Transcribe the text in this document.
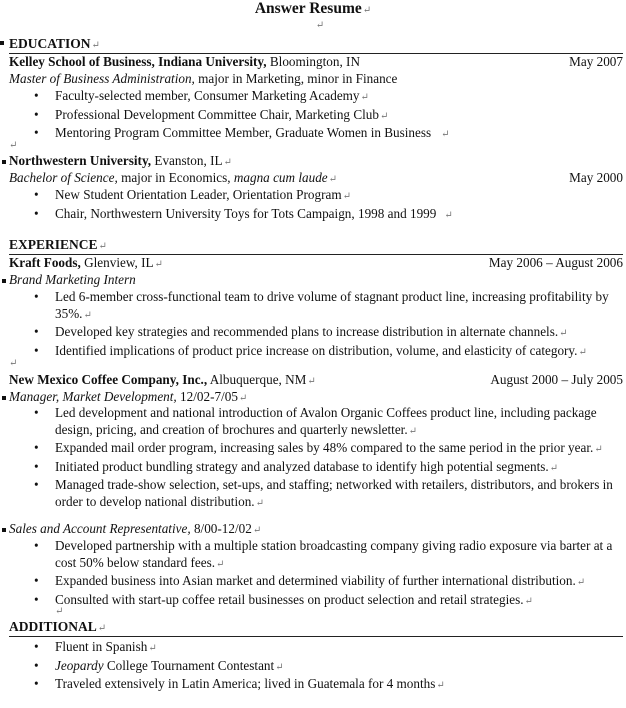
Answer Resume↵
↵
EDUCATION ↵
Kelley School of Business, Indiana University, Bloomington, IN	May 2007
Master of Business Administration, major in Marketing, minor in Finance
• Faculty-selected member, Consumer Marketing Academy↵
• Professional Development Committee Chair, Marketing Club↵
• Mentoring Program Committee Member, Graduate Women in Business ↵
↵
Northwestern University, Evanston, IL↵
Bachelor of Science, major in Economics, magna cum laude↵	May 2000
• New Student Orientation Leader, Orientation Program↵
• Chair, Northwestern University Toys for Tots Campaign, 1998 and 1999 ↵
EXPERIENCE ↵
Kraft Foods, Glenview, IL↵	May 2006 – August 2006
Brand Marketing Intern
• Led 6-member cross-functional team to drive volume of stagnant product line, increasing profitability by 35%.↵
• Developed key strategies and recommended plans to increase distribution in alternate channels.↵
• Identified implications of product price increase on distribution, volume, and elasticity of category.↵
↵
New Mexico Coffee Company, Inc., Albuquerque, NM↵	August 2000 – July 2005
Manager, Market Development, 12/02-7/05↵
• Led development and national introduction of Avalon Organic Coffees product line, including package design, pricing, and creation of brochures and quarterly newsletter.↵
• Expanded mail order program, increasing sales by 48% compared to the same period in the prior year.↵
• Initiated product bundling strategy and analyzed database to identify high potential segments.↵
• Managed trade-show selection, set-ups, and staffing; networked with retailers, distributors, and brokers in order to develop national distribution.↵
Sales and Account Representative, 8/00-12/02↵
• Developed partnership with a multiple station broadcasting company giving radio exposure via barter at a cost 50% below standard fees.↵
• Expanded business into Asian market and determined viability of further international distribution.↵
• Consulted with start-up coffee retail businesses on product selection and retail strategies.↵
↵
ADDITIONAL ↵
• Fluent in Spanish↵
• Jeopardy College Tournament Contestant↵
• Traveled extensively in Latin America; lived in Guatemala for 4 months↵
